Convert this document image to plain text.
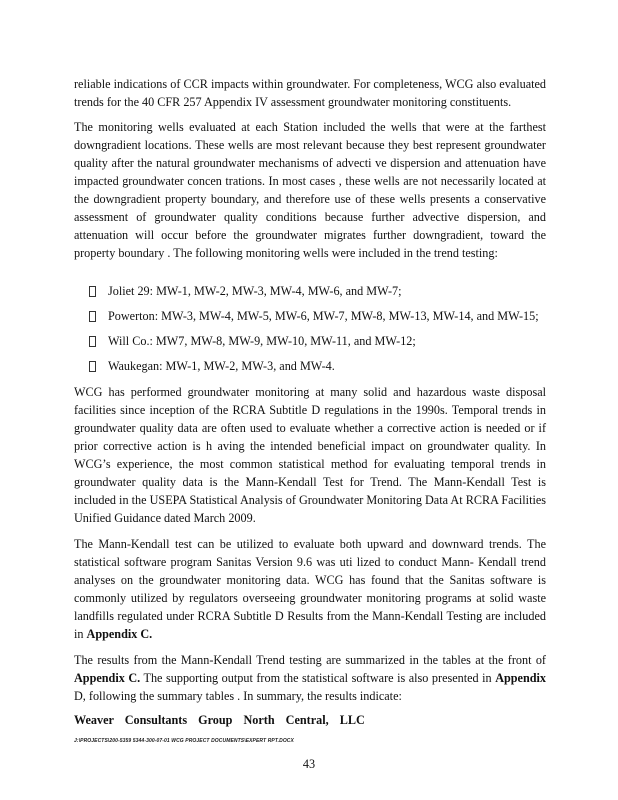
reliable indications of CCR impacts within groundwater. For completeness, WCG also evaluated trends for the 40 CFR 257 Appendix IV assessment groundwater monitoring constituents.

The monitoring wells evaluated at each Station included the wells that were at the farthest downgradient locations. These wells are most relevant because they best represent groundwater quality after the natural groundwater mechanisms of advecti ve dispersion and attenuation have impacted groundwater concen trations. In most cases , these wells are not necessarily located at the downgradient property boundary, and therefore use of these wells presents a conservative assessment of groundwater quality conditions because further advective dispersion, and attenuation will occur before the groundwater migrates further downgradient, toward the property boundary . The following monitoring wells were included in the trend testing:

Joliet 29: MW-1, MW-2, MW-3, MW-4, MW-6, and MW-7;
Powerton: MW-3, MW-4, MW-5, MW-6, MW-7, MW-8, MW-13, MW-14, and MW-15;
Will Co.: MW7, MW-8, MW-9, MW-10, MW-11, and MW-12;
Waukegan: MW-1, MW-2, MW-3, and MW-4.

WCG has performed groundwater monitoring at many solid and hazardous waste disposal facilities since inception of the RCRA Subtitle D regulations in the 1990s. Temporal trends in groundwater quality data are often used to evaluate whether a corrective action is needed or if prior corrective action is h aving the intended beneficial impact on groundwater quality. In WCG’s experience, the most common statistical method for evaluating temporal trends in groundwater quality data is the Mann-Kendall Test for Trend. The Mann-Kendall Test is included in the USEPA Statistical Analysis of Groundwater Monitoring Data At RCRA Facilities Unified Guidance dated March 2009.

The Mann-Kendall test can be utilized to evaluate both upward and downward trends. The statistical software program Sanitas Version 9.6 was uti lized to conduct Mann- Kendall trend analyses on the groundwater monitoring data. WCG has found that the Sanitas software is commonly utilized by regulators overseeing groundwater monitoring programs at solid waste landfills regulated under RCRA Subtitle D Results from the Mann-Kendall Testing are included in Appendix C.

The results from the Mann-Kendall Trend testing are summarized in the tables at the front of Appendix C. The supporting output from the statistical software is also presented in Appendix D, following the summary tables . In summary, the results indicate:

Weaver Consultants Group North Central, LLC
J:\PROJECTS\200-5359 5344-300-07-01 WCG PROJECT DOCUMENTS\EXPERT RPT.DOCX
43
